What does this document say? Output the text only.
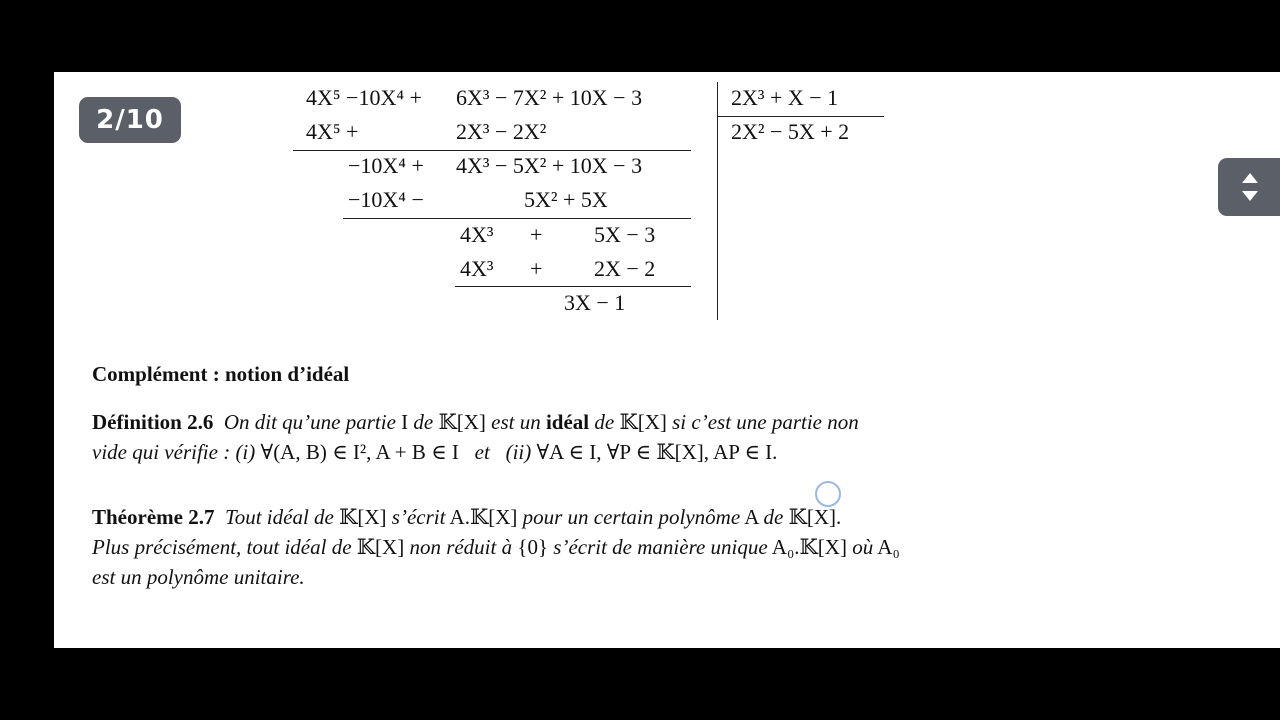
2/10
4X⁵ −10X⁴ + 6X³ − 7X² + 10X − 3
4X⁵ +	2X³ − 2X²
−10X⁴ + 4X³ − 5X² + 10X − 3
−10X⁴ −	5X² + 5X
4X³ + 5X − 3
4X³ + 2X − 2
3X − 1
2X³ + X − 1
2X² − 5X + 2
Complément : notion d’idéal
Définition 2.6 On dit qu’une partie I de 𝕂[X] est un idéal de 𝕂[X] si c’est une partie non
vide qui vérifie : (i) ∀(A, B) ∈ I², A + B ∈ I et (ii) ∀A ∈ I, ∀P ∈ 𝕂[X], AP ∈ I.
Théorème 2.7 Tout idéal de 𝕂[X] s’écrit A.𝕂[X] pour un certain polynôme A de 𝕂[X].
Plus précisément, tout idéal de 𝕂[X] non réduit à {0} s’écrit de manière unique A₀.𝕂[X] où A₀
est un polynôme unitaire.
